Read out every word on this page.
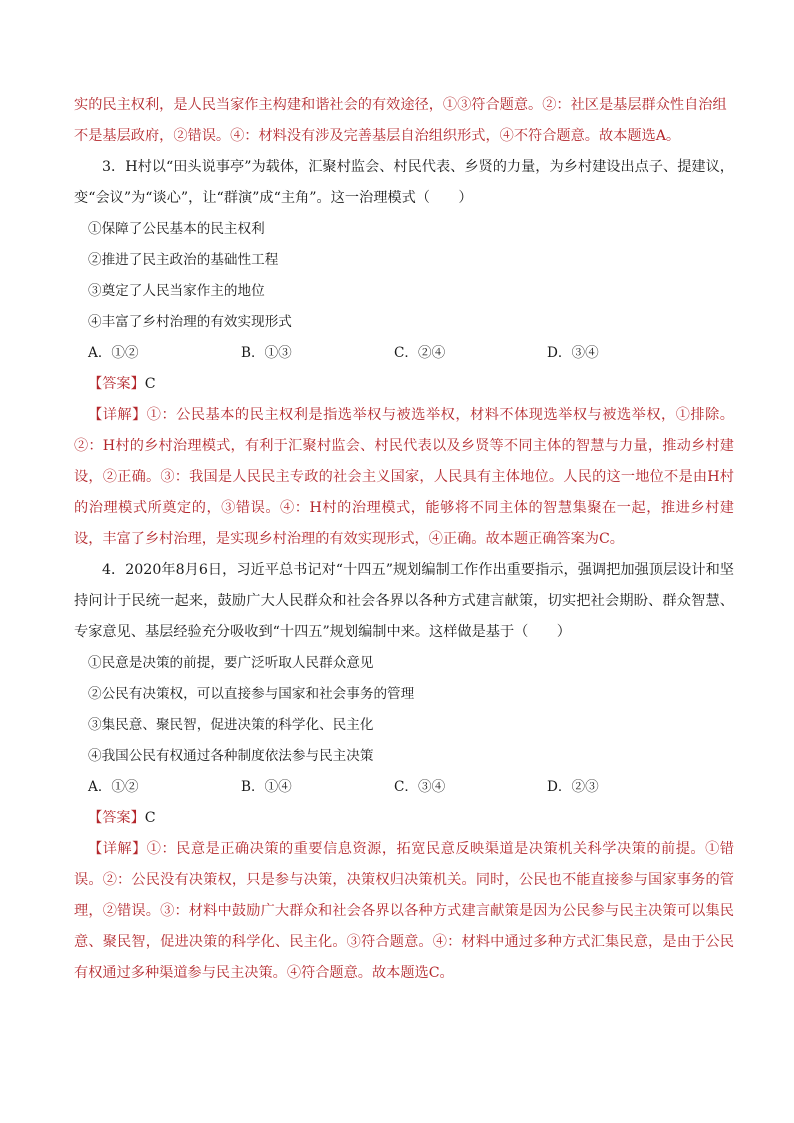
实的民主权利，是人民当家作主构建和谐社会的有效途径，①③符合题意。②：社区是基层群众性自治组

不是基层政府，②错误。④：材料没有涉及完善基层自治组织形式，④不符合题意。故本题选A。

3．H村以“田头说事亭”为载体，汇聚村监会、村民代表、乡贤的力量，为乡村建设出点子、提建议，变“会议”为“谈心”，让“群演”成“主角”。这一治理模式（　　）

①保障了公民基本的民主权利

②推进了民主政治的基础性工程

③奠定了人民当家作主的地位

④丰富了乡村治理的有效实现形式

A．①②	B．①③	C．②④	D．③④

【答案】C

【详解】①：公民基本的民主权利是指选举权与被选举权，材料不体现选举权与被选举权，①排除。②：H村的乡村治理模式，有利于汇聚村监会、村民代表以及乡贤等不同主体的智慧与力量，推动乡村建设，②正确。③：我国是人民民主专政的社会主义国家，人民具有主体地位。人民的这一地位不是由H村的治理模式所奠定的，③错误。④：H村的治理模式，能够将不同主体的智慧集聚在一起，推进乡村建设，丰富了乡村治理，是实现乡村治理的有效实现形式，④正确。故本题正确答案为C。

4．2020年8月6日，习近平总书记对“十四五”规划编制工作作出重要指示，强调把加强顶层设计和坚持问计于民统一起来，鼓励广大人民群众和社会各界以各种方式建言献策，切实把社会期盼、群众智慧、专家意见、基层经验充分吸收到“十四五”规划编制中来。这样做是基于（　　）

①民意是决策的前提，要广泛听取人民群众意见

②公民有决策权，可以直接参与国家和社会事务的管理

③集民意、聚民智，促进决策的科学化、民主化

④我国公民有权通过各种制度依法参与民主决策

A．①②	B．①④	C．③④	D．②③

【答案】C

【详解】①：民意是正确决策的重要信息资源，拓宽民意反映渠道是决策机关科学决策的前提。①错误。②：公民没有决策权，只是参与决策，决策权归决策机关。同时，公民也不能直接参与国家事务的管理，②错误。③：材料中鼓励广大群众和社会各界以各种方式建言献策是因为公民参与民主决策可以集民意、聚民智，促进决策的科学化、民主化。③符合题意。④：材料中通过多种方式汇集民意，是由于公民有权通过多种渠道参与民主决策。④符合题意。故本题选C。
